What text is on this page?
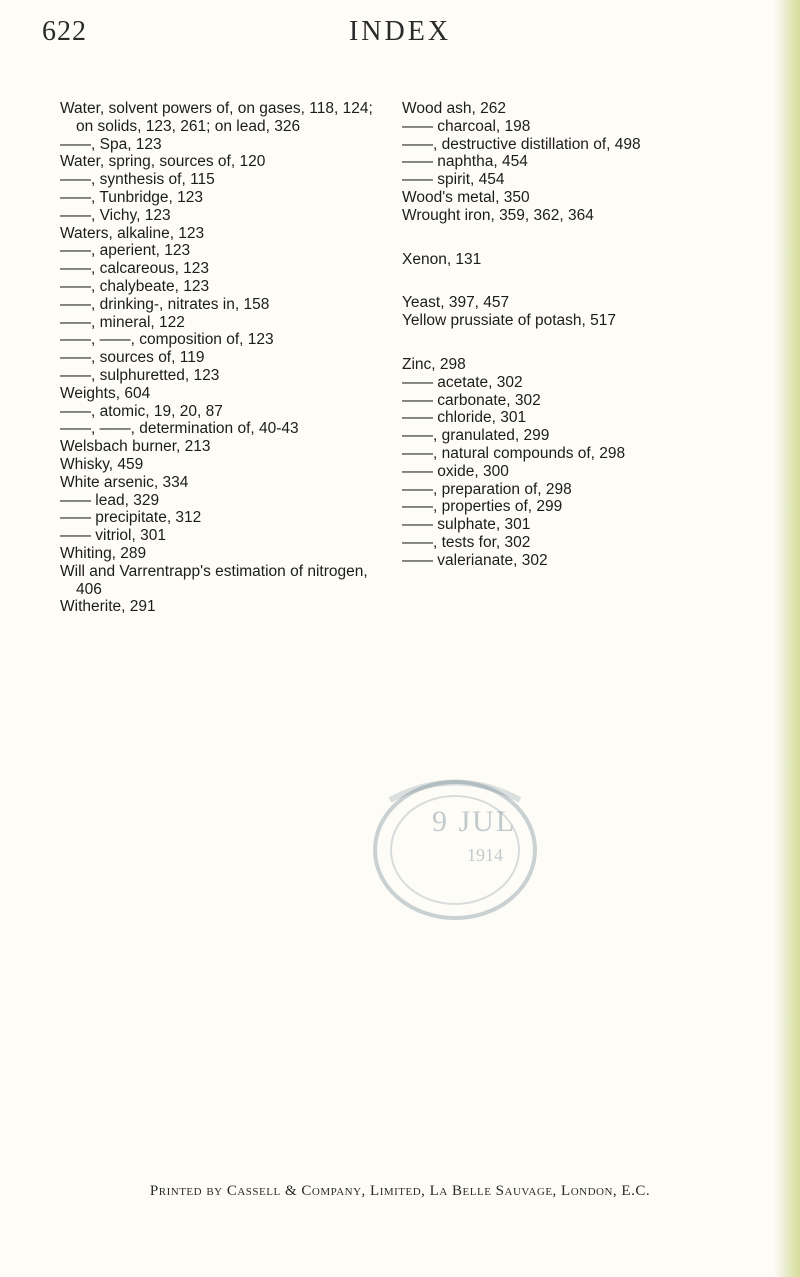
622	INDEX
Water, solvent powers of, on gases, 118, 124; on solids, 123, 261; on lead, 326
——, Spa, 123
Water, spring, sources of, 120
——, synthesis of, 115
——, Tunbridge, 123
——, Vichy, 123
Waters, alkaline, 123
——, aperient, 123
——, calcareous, 123
——, chalybeate, 123
——, drinking-, nitrates in, 158
——, mineral, 122
——, ——, composition of, 123
——, sources of, 119
——, sulphuretted, 123
Weights, 604
——, atomic, 19, 20, 87
——, ——, determination of, 40-43
Welsbach burner, 213
Whisky, 459
White arsenic, 334
—— lead, 329
—— precipitate, 312
—— vitriol, 301
Whiting, 289
Will and Varrentrapp's estimation of nitrogen, 406
Witherite, 291
Wood ash, 262
—— charcoal, 198
——, destructive distillation of, 498
—— naphtha, 454
—— spirit, 454
Wood's metal, 350
Wrought iron, 359, 362, 364
Xenon, 131
Yeast, 397, 457
Yellow prussiate of potash, 517
Zinc, 298
—— acetate, 302
—— carbonate, 302
—— chloride, 301
——, granulated, 299
——, natural compounds of, 298
—— oxide, 300
——, preparation of, 298
——, properties of, 299
—— sulphate, 301
——, tests for, 302
—— valerianate, 302
9 JUL
1914
Printed by Cassell & Company, Limited, La Belle Sauvage, London, E.C.
